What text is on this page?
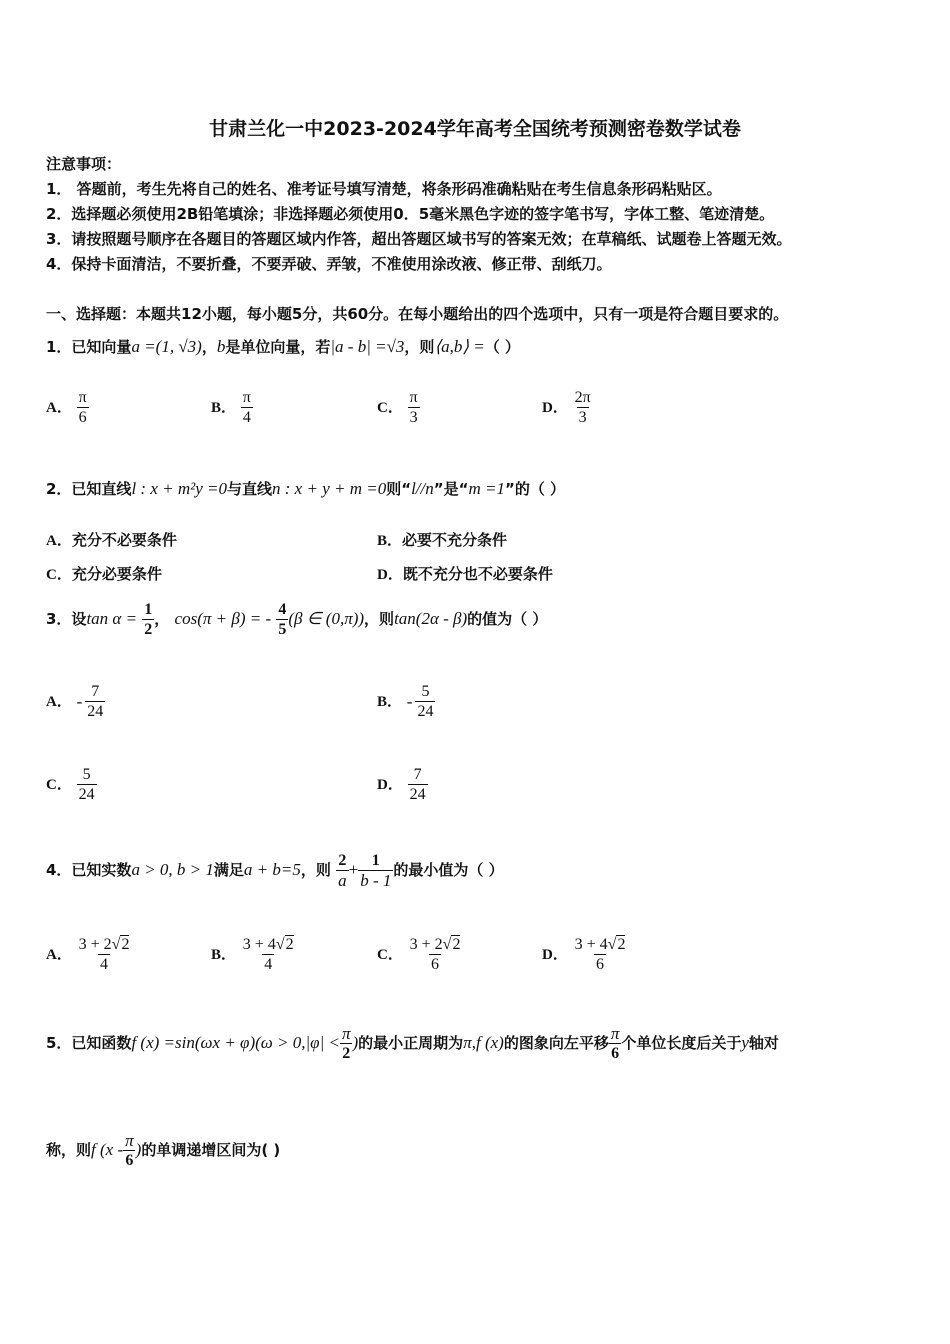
甘肃兰化一中2023-2024学年高考全国统考预测密卷数学试卷
注意事项：
1． 答题前，考生先将自己的姓名、准考证号填写清楚，将条形码准确粘贴在考生信息条形码粘贴区。
2．选择题必须使用2B铅笔填涂；非选择题必须使用0．5毫米黑色字迹的签字笔书写，字体工整、笔迹清楚。
3．请按照题号顺序在各题目的答题区域内作答，超出答题区域书写的答案无效；在草稿纸、试题卷上答题无效。
4．保持卡面清洁，不要折叠，不要弄破、弄皱，不准使用涂改液、修正带、刮纸刀。
一、选择题：本题共12小题，每小题5分，共60分。在每小题给出的四个选项中，只有一项是符合题目要求的。
1．已知向量a =(1, √3)，b是单位向量，若|a - b| =√3，则⟨a,b⟩ =（ ）
A． $\frac{\pi}{6}$	B． $\frac{\pi}{4}$	C． $\frac{\pi}{3}$	D． $\frac{2\pi}{3}$
2．已知直线l : x + m²y =0与直线n : x + y + m =0则“l//n”是“m =1”的（ ）
A．充分不必要条件	B．必要不充分条件
C．充分必要条件	D．既不充分也不必要条件
3．设$\tan \alpha = \frac{1}{2}$ ， cos(π + β) = - $\frac{4}{5} (\beta$ ∈ (0,π))，则tan(2α - β)的值为（ ）
A． - $\frac{7}{24}$	B． - $\frac{5}{24}$
C． $\frac{5}{24}$	D． $\frac{7}{24}$
4．已知实数a > 0, b > 1满足a + b=5，则 $\frac{2}{a} + \frac{1}{b - 1}$ 的最小值为（ ）
A． $\frac{3 + 2√2}{4}$	B． $\frac{3 + 4√2}{4}$	C． $\frac{3 + 2√2}{6}$	D． $\frac{3 + 4√2}{6}$
5．已知函数f $(x) =\sin(\omega x + \varphi)(\omega > 0,|\varphi| < \frac{\pi}{2}$ )的最小正周期为π,f (x)的图象向左平移 $\frac{\pi}{6}$ 个单位长度后关于y轴对
称，则f ($x - \frac{\pi}{6}$ )的单调递增区间为( )
